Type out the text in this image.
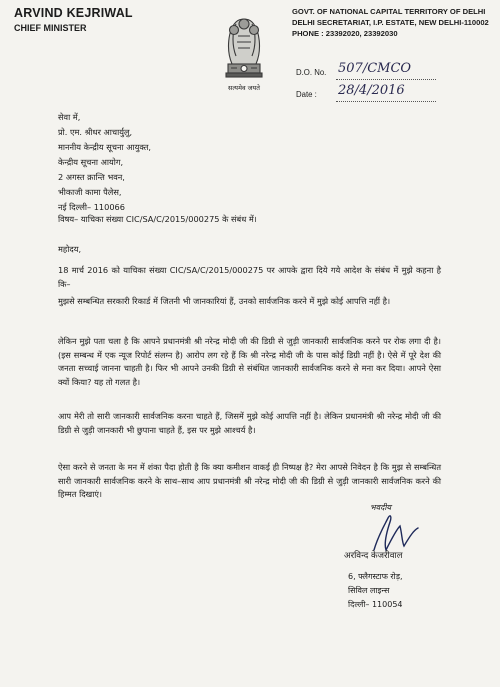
ARVIND KEJRIWAL
CHIEF MINISTER
सत्यमेव जयते
GOVT. OF NATIONAL CAPITAL TERRITORY OF DELHI
DELHI SECRETARIAT, I.P. ESTATE, NEW DELHI-110002
PHONE : 23392020, 23392030
D.O. No. 507/CMCO
Date :	28/4/2016
सेवा में,
प्रो. एम. श्रीधर आचार्युलु,
माननीय केन्द्रीय सूचना आयुक्त,
केन्द्रीय सूचना आयोग,
2 अगस्त क्रान्ति भवन,
भीकाजी कामा पैलेस,
नई दिल्ली– 110066
विषय– याचिका संख्या CIC/SA/C/2015/000275 के संबंध में।
महोदय,
18 मार्च 2016 को याचिका संख्या CIC/SA/C/2015/000275 पर आपके द्वारा दिये गये आदेश के संबंध में मुझे कहना है कि–
मुझसे सम्बन्धित सरकारी रिकार्ड में जितनी भी जानकारियां हैं, उनको सार्वजनिक करने में मुझे कोई आपत्ति नहीं है।
लेकिन मुझे पता चला है कि आपने प्रधानमंत्री श्री नरेन्द्र मोदी जी की डिग्री से जुड़ी जानकारी सार्वजनिक करने पर रोक लगा दी है। (इस सम्बन्ध में एक न्यूज रिपोर्ट संलग्न है) आरोप लग रहे हैं कि श्री नरेन्द्र मोदी जी के पास कोई डिग्री नहीं है। ऐसे में पूरे देश की जनता सच्चाई जानना चाहती है। फिर भी आपने उनकी डिग्री से संबंधित जानकारी सार्वजनिक करने से मना कर दिया। आपने ऐसा क्यों किया? यह तो गलत है।
आप मेरी तो सारी जानकारी सार्वजनिक करना चाहते हैं, जिसमें मुझे कोई आपत्ति नहीं है। लेकिन प्रधानमंत्री श्री नरेन्द्र मोदी जी की डिग्री से जुड़ी जानकारी भी छुपाना चाहते हैं, इस पर मुझे आश्चर्य है।
ऐसा करने से जनता के मन में शंका पैदा होती है कि क्या कमीशन वाकई ही निष्पक्ष है? मेरा आपसे निवेदन है कि मुझ से सम्बन्धित सारी जानकारी सार्वजनिक करने के साथ–साथ आप प्रधानमंत्री श्री नरेन्द्र मोदी जी की डिग्री से जुड़ी जानकारी सार्वजनिक करने की हिम्मत दिखाएं।
भवदीय
अरविन्द केजरीवाल
6, फ्लैगस्टाफ रोड़,
सिविल लाइन्स
दिल्ली– 110054
